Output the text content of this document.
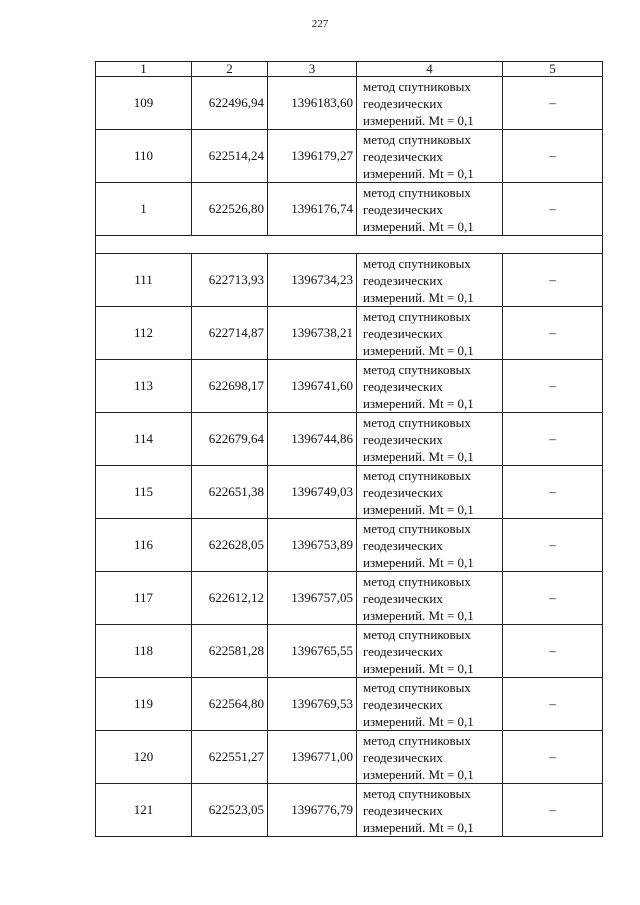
227
1	2	3	4	5
109	622496,94	1396183,60	метод спутниковых
геодезических
измерений. Mt = 0,1	–
110	622514,24	1396179,27	метод спутниковых
геодезических
измерений. Mt = 0,1	–
1	622526,80	1396176,74	метод спутниковых
геодезических
измерений. Mt = 0,1	–

111	622713,93	1396734,23	метод спутниковых
геодезических
измерений. Mt = 0,1	–
112	622714,87	1396738,21	метод спутниковых
геодезических
измерений. Mt = 0,1	–
113	622698,17	1396741,60	метод спутниковых
геодезических
измерений. Mt = 0,1	–
114	622679,64	1396744,86	метод спутниковых
геодезических
измерений. Mt = 0,1	–
115	622651,38	1396749,03	метод спутниковых
геодезических
измерений. Mt = 0,1	–
116	622628,05	1396753,89	метод спутниковых
геодезических
измерений. Mt = 0,1	–
117	622612,12	1396757,05	метод спутниковых
геодезических
измерений. Mt = 0,1	–
118	622581,28	1396765,55	метод спутниковых
геодезических
измерений. Mt = 0,1	–
119	622564,80	1396769,53	метод спутниковых
геодезических
измерений. Mt = 0,1	–
120	622551,27	1396771,00	метод спутниковых
геодезических
измерений. Mt = 0,1	–
121	622523,05	1396776,79	метод спутниковых
геодезических
измерений. Mt = 0,1	–
